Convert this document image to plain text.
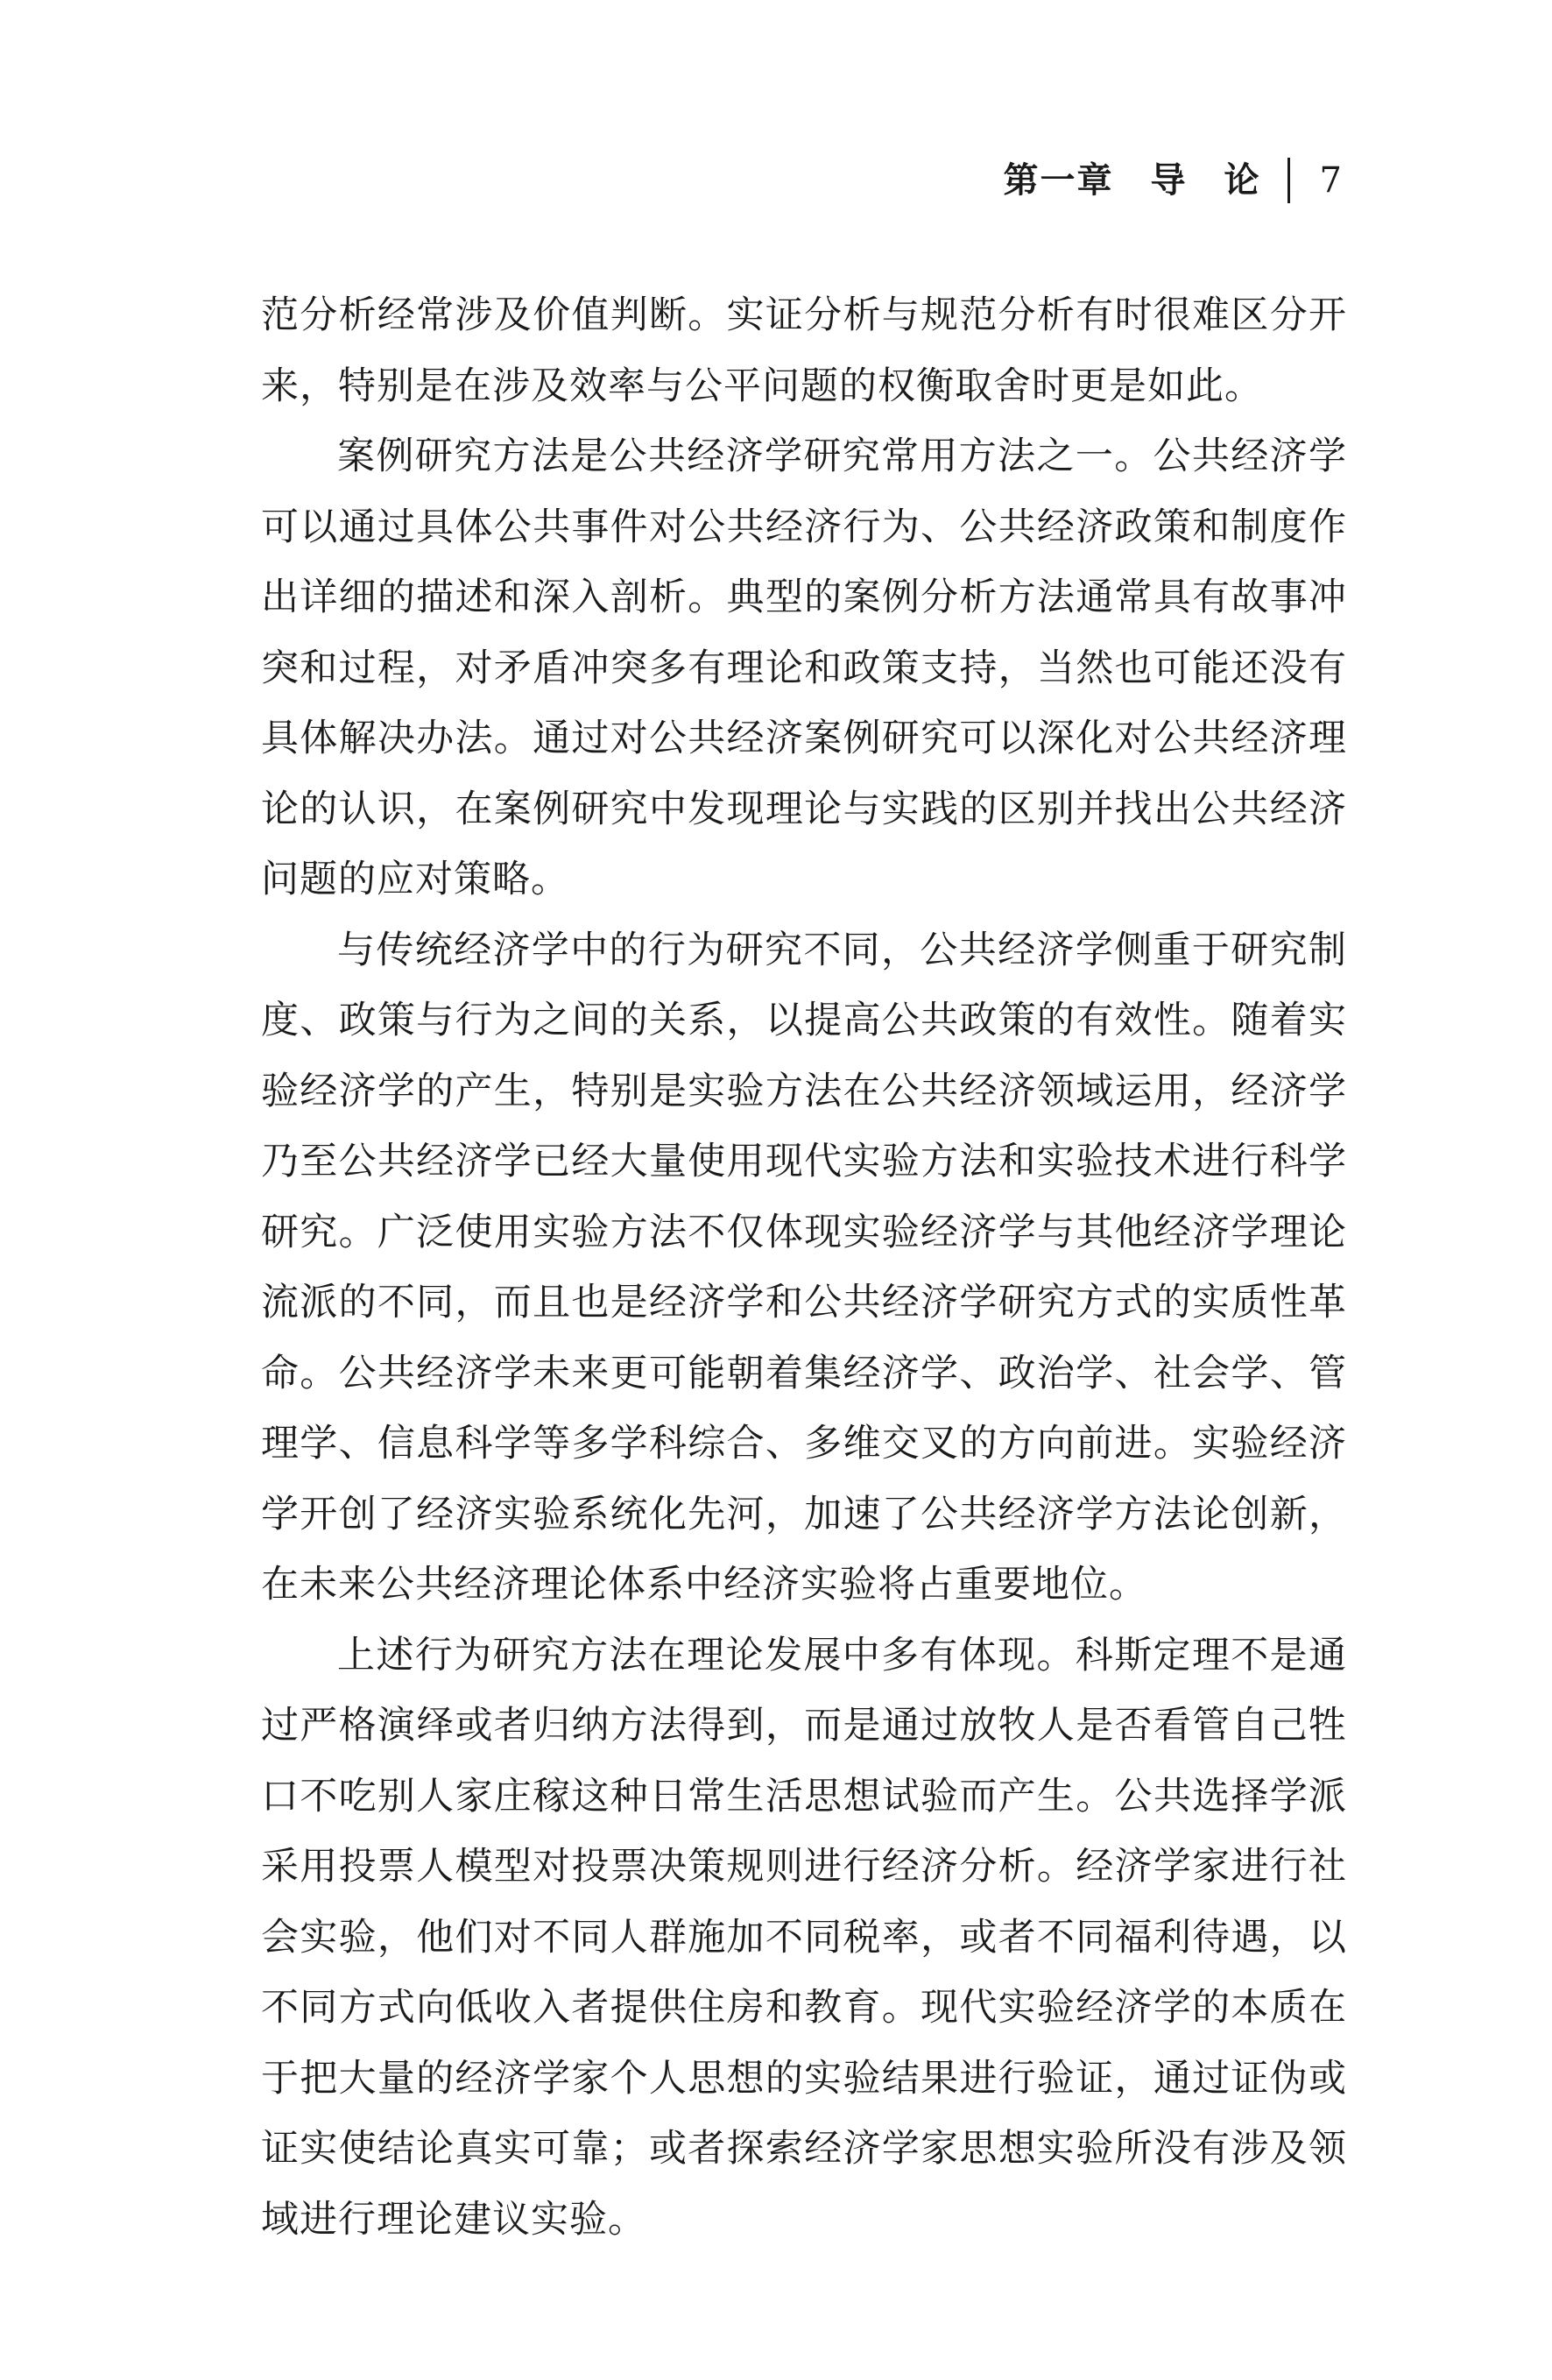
第一章　导　论 7

范分析经常涉及价值判断。实证分析与规范分析有时很难区分开来，特别是在涉及效率与公平问题的权衡取舍时更是如此。

案例研究方法是公共经济学研究常用方法之一。公共经济学可以通过具体公共事件对公共经济行为、公共经济政策和制度作出详细的描述和深入剖析。典型的案例分析方法通常具有故事冲突和过程，对矛盾冲突多有理论和政策支持，当然也可能还没有具体解决办法。通过对公共经济案例研究可以深化对公共经济理论的认识，在案例研究中发现理论与实践的区别并找出公共经济问题的应对策略。

与传统经济学中的行为研究不同，公共经济学侧重于研究制度、政策与行为之间的关系，以提高公共政策的有效性。随着实验经济学的产生，特别是实验方法在公共经济领域运用，经济学乃至公共经济学已经大量使用现代实验方法和实验技术进行科学研究。广泛使用实验方法不仅体现实验经济学与其他经济学理论流派的不同，而且也是经济学和公共经济学研究方式的实质性革命。公共经济学未来更可能朝着集经济学、政治学、社会学、管理学、信息科学等多学科综合、多维交叉的方向前进。实验经济学开创了经济实验系统化先河，加速了公共经济学方法论创新，在未来公共经济理论体系中经济实验将占重要地位。

上述行为研究方法在理论发展中多有体现。科斯定理不是通过严格演绎或者归纳方法得到，而是通过放牧人是否看管自己牲口不吃别人家庄稼这种日常生活思想试验而产生。公共选择学派采用投票人模型对投票决策规则进行经济分析。经济学家进行社会实验，他们对不同人群施加不同税率，或者不同福利待遇，以不同方式向低收入者提供住房和教育。现代实验经济学的本质在于把大量的经济学家个人思想的实验结果进行验证，通过证伪或证实使结论真实可靠；或者探索经济学家思想实验所没有涉及领域进行理论建议实验。
